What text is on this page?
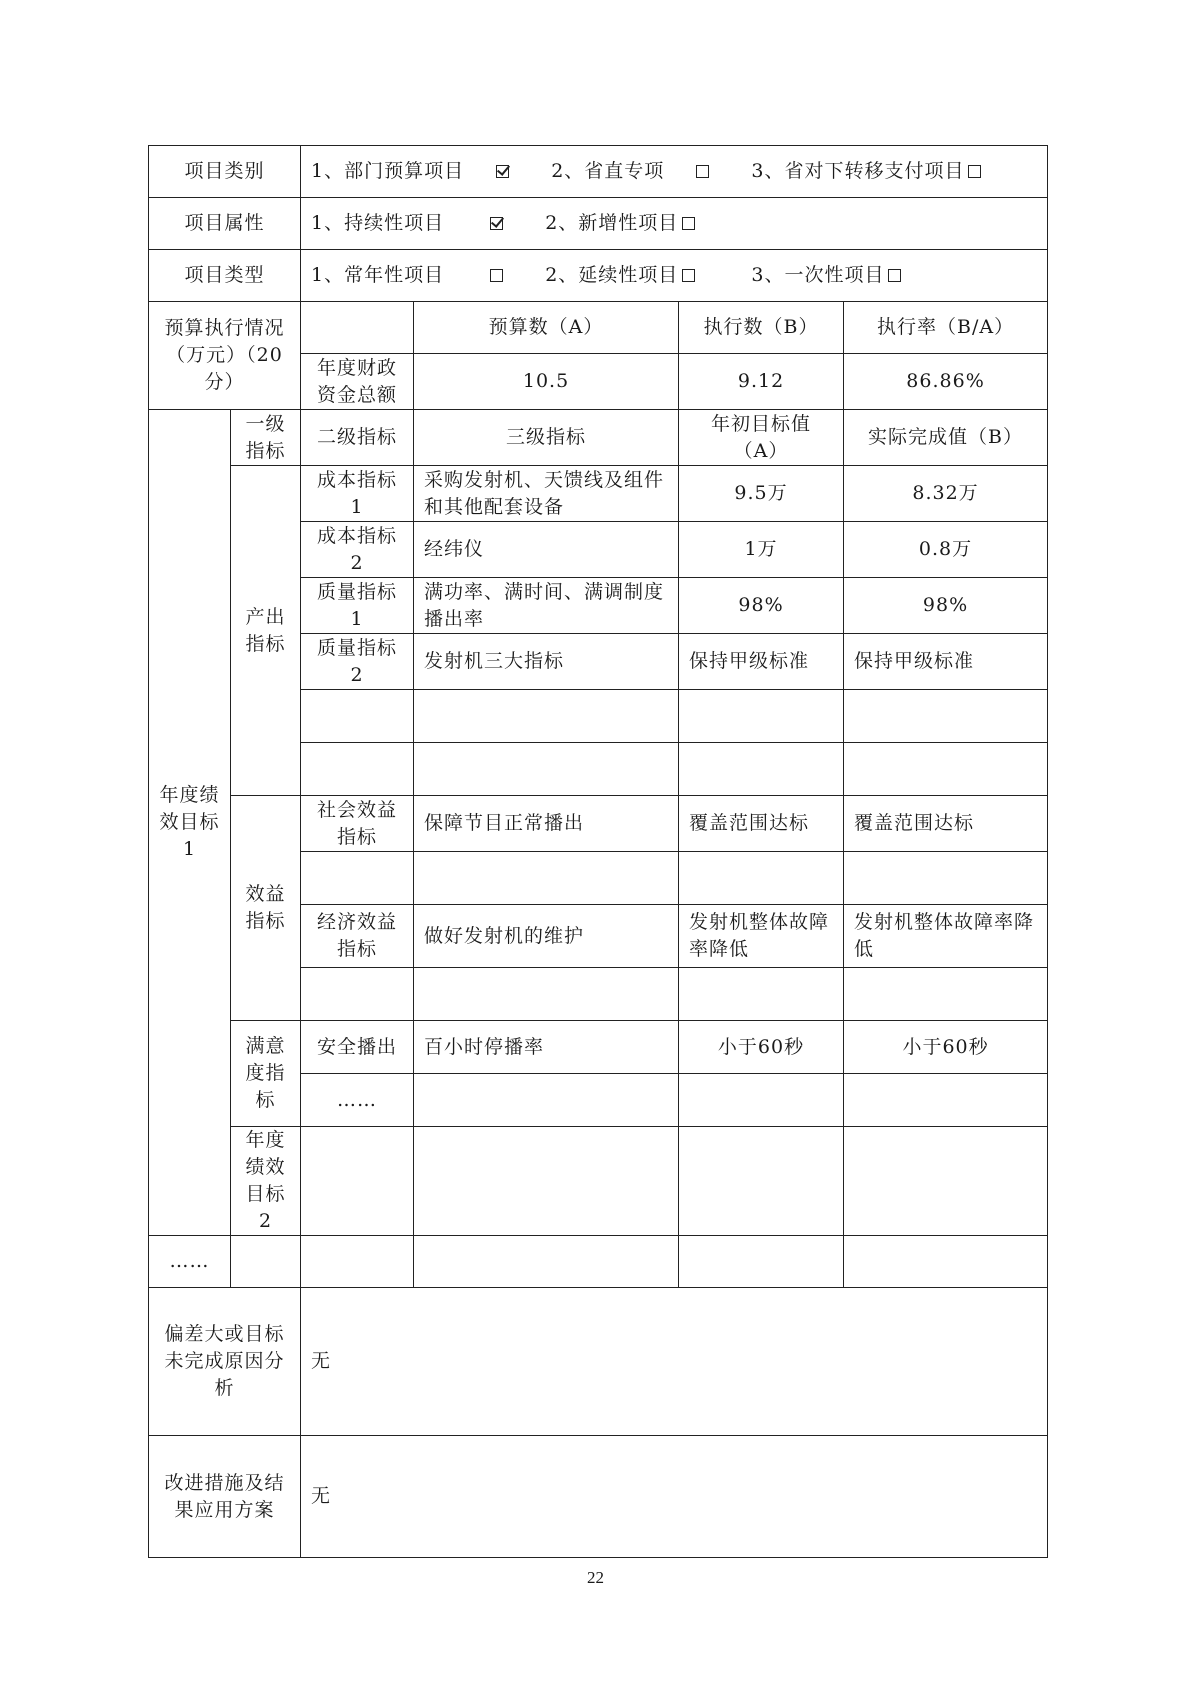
项目类别		1、部门预算项目 2、省直专项 3、省对下转移支付项目				
项目属性		1、持续性项目 2、新增性项目				
项目类型		1、常年性项目 2、延续性项目 3、一次性项目				
预算执行情况（万元）（20分）			预算数（A）	执行数（B）	执行率（B/A）	
		年度财政资金总额	10.5	9.12	86.86%	
年度绩效目标1	一级指标	二级指标	三级指标	年初目标值（A）	实际完成值（B）	
	产出指标	成本指标1	采购发射机、天馈线及组件和其他配套设备	9.5万	8.32万	
		成本指标2	经纬仪	1万	0.8万	
		质量指标1	满功率、满时间、满调制度播出率	98%	98%	
		质量指标2	发射机三大指标	保持甲级标准	保持甲级标准	

	效益指标	社会效益指标	保障节目正常播出	覆盖范围达标	覆盖范围达标	

		经济效益指标	做好发射机的维护	发射机整体故障率降低	发射机整体故障率降低	

	满意度指标	安全播出	百小时停播率	小于60秒	小于60秒	
		……				
	年度绩效目标2					
……						
偏差大或目标未完成原因分析		无				
改进措施及结果应用方案		无				
22
